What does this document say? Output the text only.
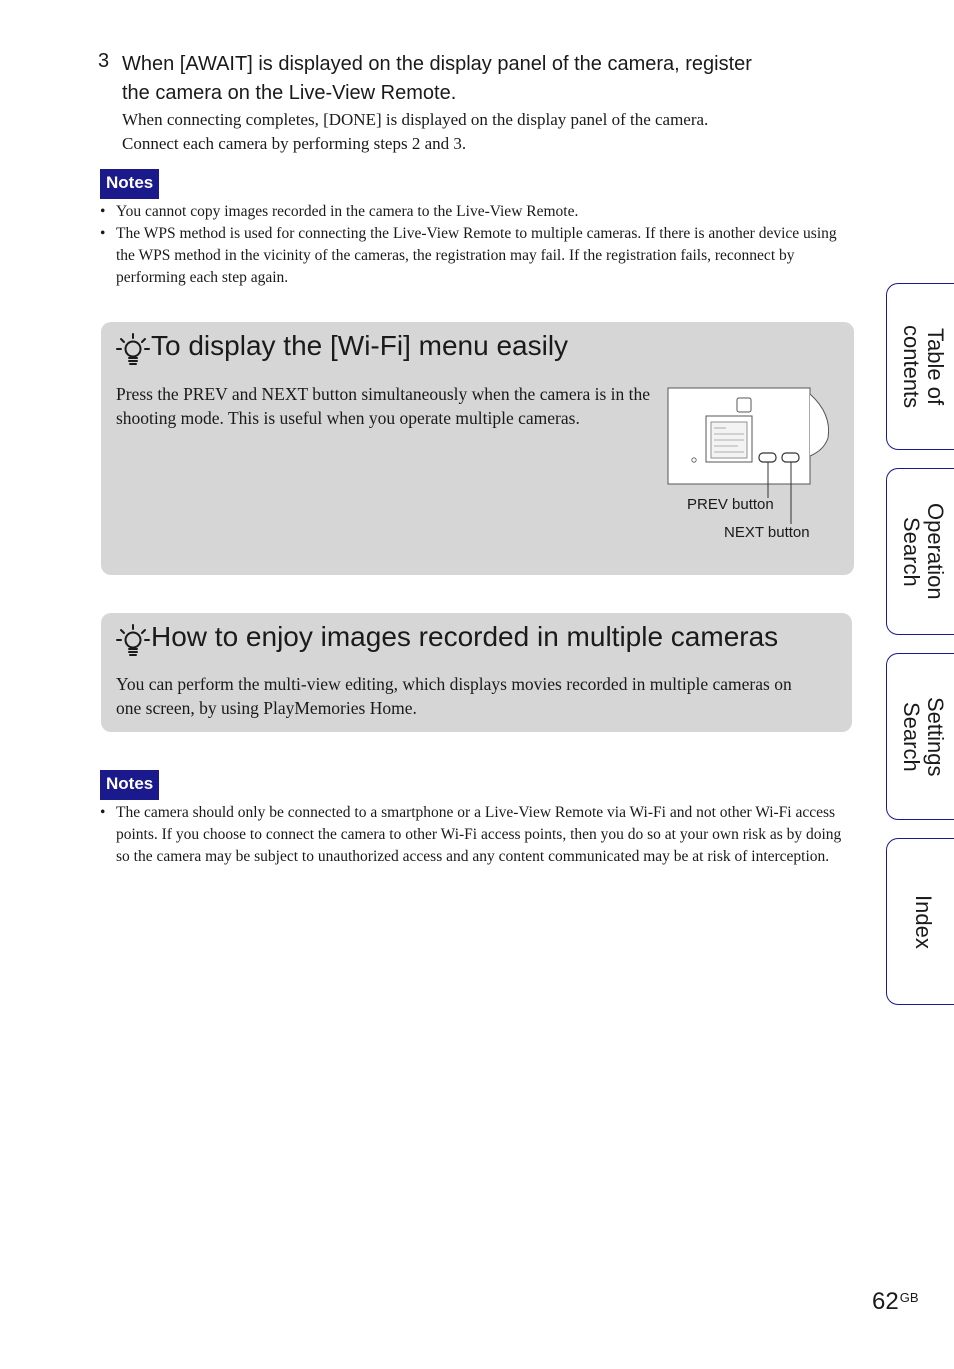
3 When [AWAIT] is displayed on the display panel of the camera, register
the camera on the Live-View Remote.
When connecting completes, [DONE] is displayed on the display panel of the camera.
Connect each camera by performing steps 2 and 3.
Notes
• You cannot copy images recorded in the camera to the Live-View Remote.
• The WPS method is used for connecting the Live-View Remote to multiple cameras. If there is another device using the WPS method in the vicinity of the cameras, the registration may fail. If the registration fails, reconnect by performing each step again.
To display the [Wi-Fi] menu easily
Press the PREV and NEXT button simultaneously when the camera is in the shooting mode. This is useful when you operate multiple cameras.
PREV button
NEXT button
How to enjoy images recorded in multiple cameras
You can perform the multi-view editing, which displays movies recorded in multiple cameras on one screen, by using PlayMemories Home.
Notes
• The camera should only be connected to a smartphone or a Live-View Remote via Wi-Fi and not other Wi-Fi access points. If you choose to connect the camera to other Wi-Fi access points, then you do so at your own risk as by doing so the camera may be subject to unauthorized access and any content communicated may be at risk of interception.
Table of
contents
Operation
Search
Settings
Search
Index
$62^{GB}$
